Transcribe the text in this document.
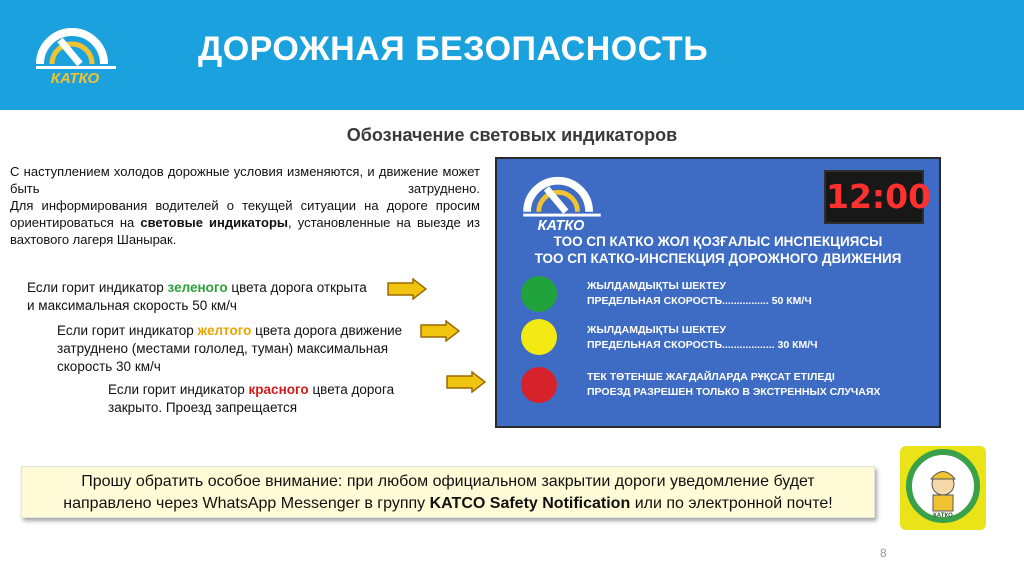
КАТКО
ДОРОЖНАЯ БЕЗОПАСНОСТЬ
Обозначение световых индикаторов
С наступлением холодов дорожные условия изменяются, и движение может быть затруднено.
Для информирования водителей о текущей ситуации на дороге просим ориентироваться на световые индикаторы, установленные на выезде из вахтового лагеря Шанырак.
Если горит индикатор зеленого цвета дорога открыта и максимальная скорость 50 км/ч
Если горит индикатор желтого цвета дорога движение затруднено (местами гололед, туман) максимальная скорость 30 км/ч
Если горит индикатор красного цвета дорога закрыто. Проезд запрещается
КАТКО
12:00
ТОО СП КАТКО ЖОЛ ҚОЗҒАЛЫС ИНСПЕКЦИЯСЫ
ТОО СП КАТКО-ИНСПЕКЦИЯ ДОРОЖНОГО ДВИЖЕНИЯ
ЖЫЛДАМДЫҚТЫ ШЕКТЕУ
ПРЕДЕЛЬНАЯ СКОРОСТЬ................ 50 КМ/Ч
ЖЫЛДАМДЫҚТЫ ШЕКТЕУ
ПРЕДЕЛЬНАЯ СКОРОСТЬ.................. 30 КМ/Ч
ТЕК ТӨТЕНШЕ ЖАҒДАЙЛАРДА РҰҚСАТ ЕТІЛЕДІ
ПРОЕЗД РАЗРЕШЕН ТОЛЬКО В ЭКСТРЕННЫХ СЛУЧАЯХ
Прошу обратить особое внимание: при любом официальном закрытии дороги уведомление будет
направлено через WhatsApp Messenger в группу KATCO Safety Notification или по электронной почте!
КАТКО
8
